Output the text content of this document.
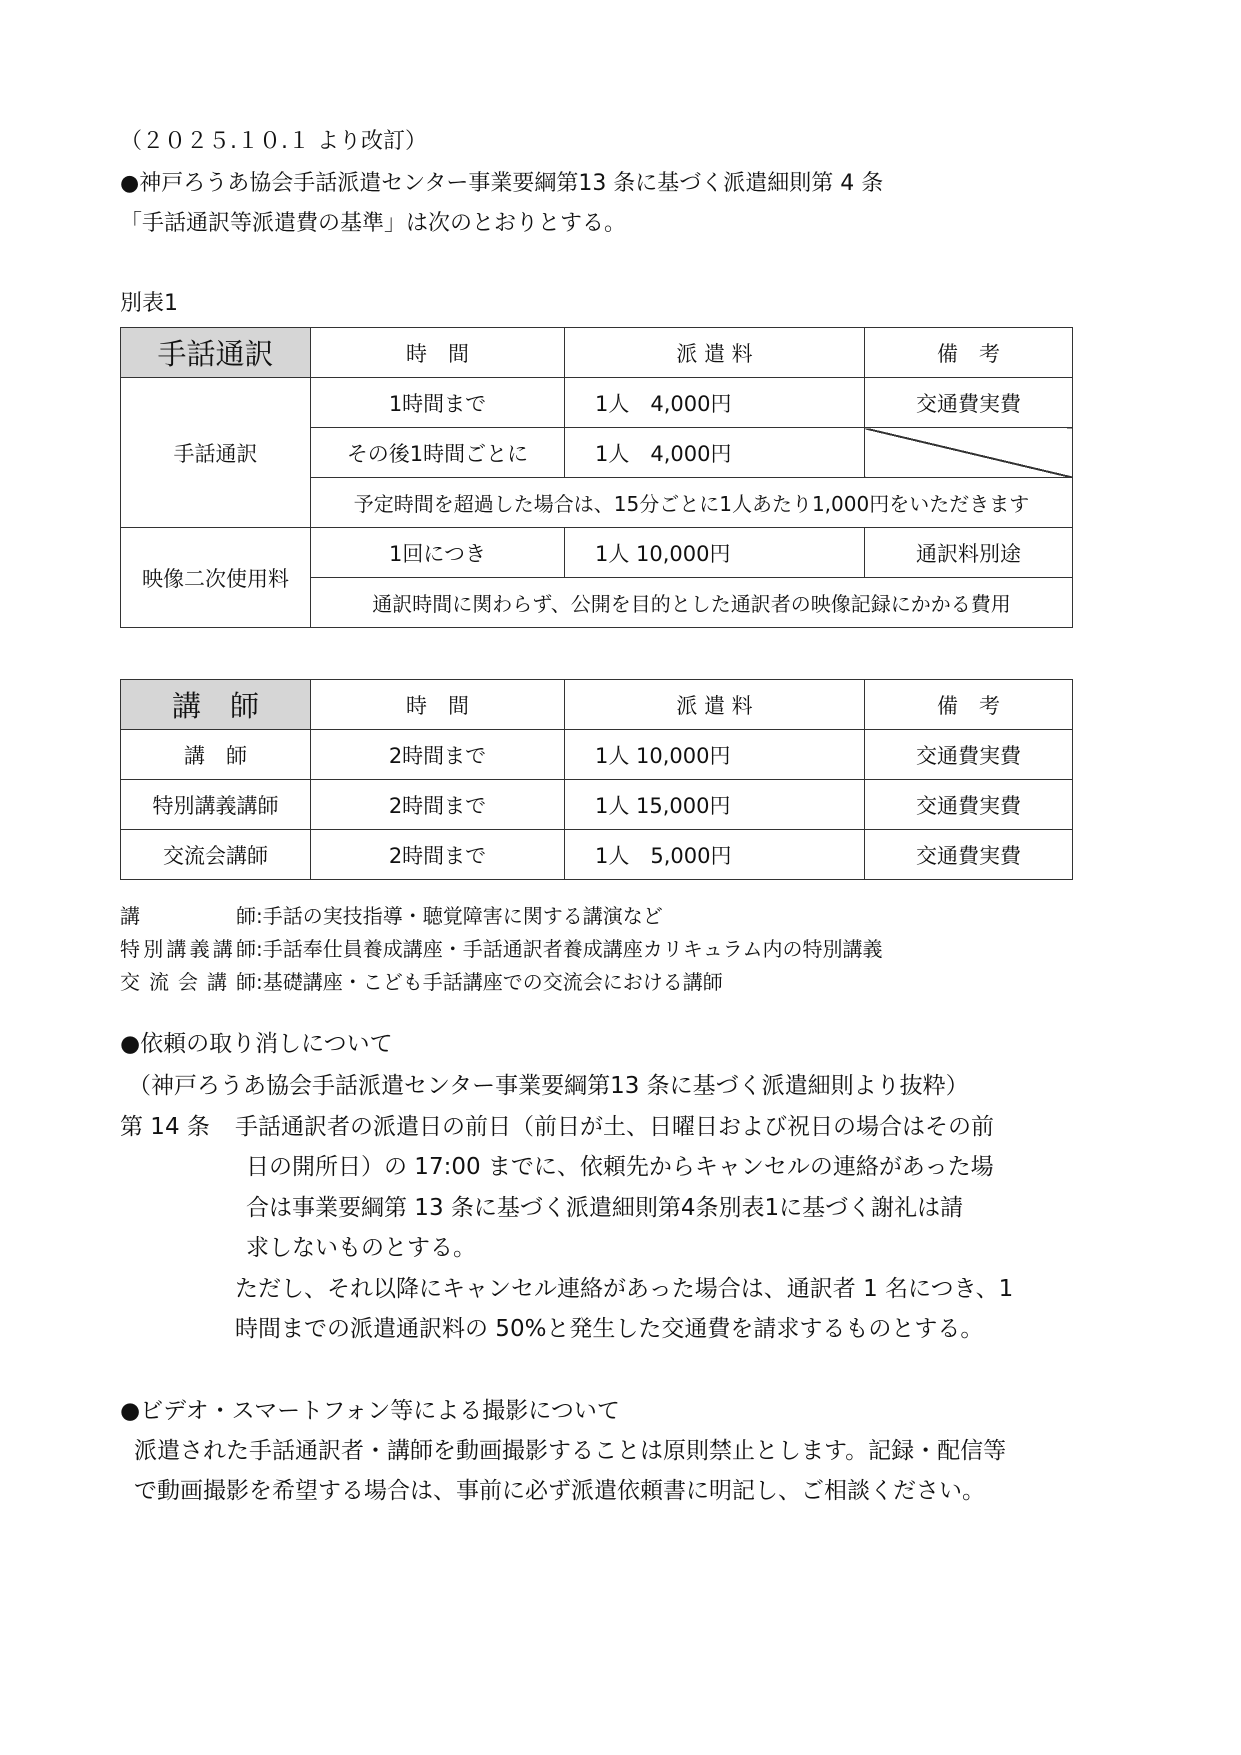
（２０２５.１０.１ より改訂）
●神戸ろうあ協会手話派遣センター事業要綱第13 条に基づく派遣細則第 4 条
「手話通訳等派遣費の基準」は次のとおりとする。
別表1
手話通訳	時　間	派 遣 料	備　考
手話通訳	1時間まで	1人　4,000円	交通費実費
	その後1時間ごとに	1人　4,000円	
	予定時間を超過した場合は、15分ごとに1人あたり1,000円をいただきます		
映像二次使用料	1回につき	1人 10,000円	通訳料別途
	通訳時間に関わらず、公開を目的とした通訳者の映像記録にかかる費用		
講　師	時　間	派 遣 料	備　考
講　師	2時間まで	1人 10,000円	交通費実費
特別講義講師	2時間まで	1人 15,000円	交通費実費
交流会講師	2時間まで	1人　5,000円	交通費実費
講　　師 :手話の実技指導・聴覚障害に関する講演など
特別講義講師 :手話奉仕員養成講座・手話通訳者養成講座カリキュラム内の特別講義
交 流 会 講 師 :基礎講座・こども手話講座での交流会における講師
●依頼の取り消しについて
（神戸ろうあ協会手話派遣センター事業要綱第13 条に基づく派遣細則より抜粋）
第 14 条 手話通訳者の派遣日の前日（前日が土、日曜日および祝日の場合はその前
日の開所日）の 17:00 までに、依頼先からキャンセルの連絡があった場
合は事業要綱第 13 条に基づく派遣細則第4条別表1に基づく謝礼は請
求しないものとする。
ただし、それ以降にキャンセル連絡があった場合は、通訳者 1 名につき、1
時間までの派遣通訳料の 50%と発生した交通費を請求するものとする。
●ビデオ・スマートフォン等による撮影について
派遣された手話通訳者・講師を動画撮影することは原則禁止とします。記録・配信等
で動画撮影を希望する場合は、事前に必ず派遣依頼書に明記し、ご相談ください。
